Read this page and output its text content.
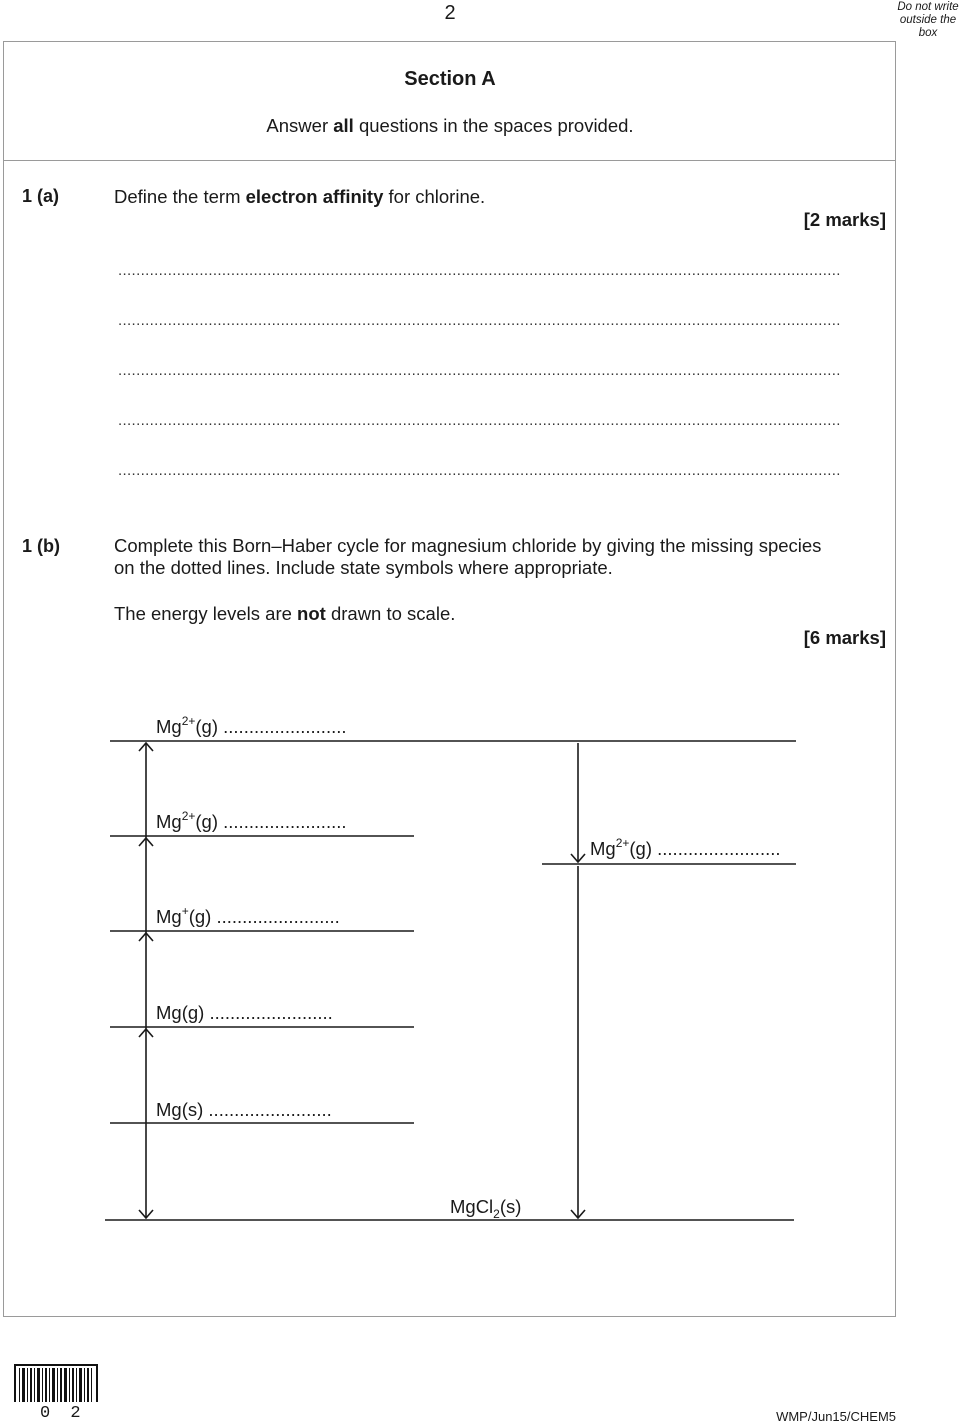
2	Do not write
outside the
box
Section A
Answer all questions in the spaces provided.
1 (a)	Define the term electron affinity for chlorine.
[2 marks]
................................................................................................................................................................
................................................................................................................................................................
................................................................................................................................................................
................................................................................................................................................................
................................................................................................................................................................
1 (b)	Complete this Born–Haber cycle for magnesium chloride by giving the missing species
on the dotted lines. Include state symbols where appropriate.
The energy levels are not drawn to scale.
[6 marks]
$Mg^{2+}(g)$ ........................
$Mg^{2+}(g)$ ........................
$Mg^{2+}(g)$ ........................
Mg+(g) ........................
Mg(g) ........................
Mg(s) ........................
MgCl$_2$(s)
0 2	WMP/Jun15/CHEM5
